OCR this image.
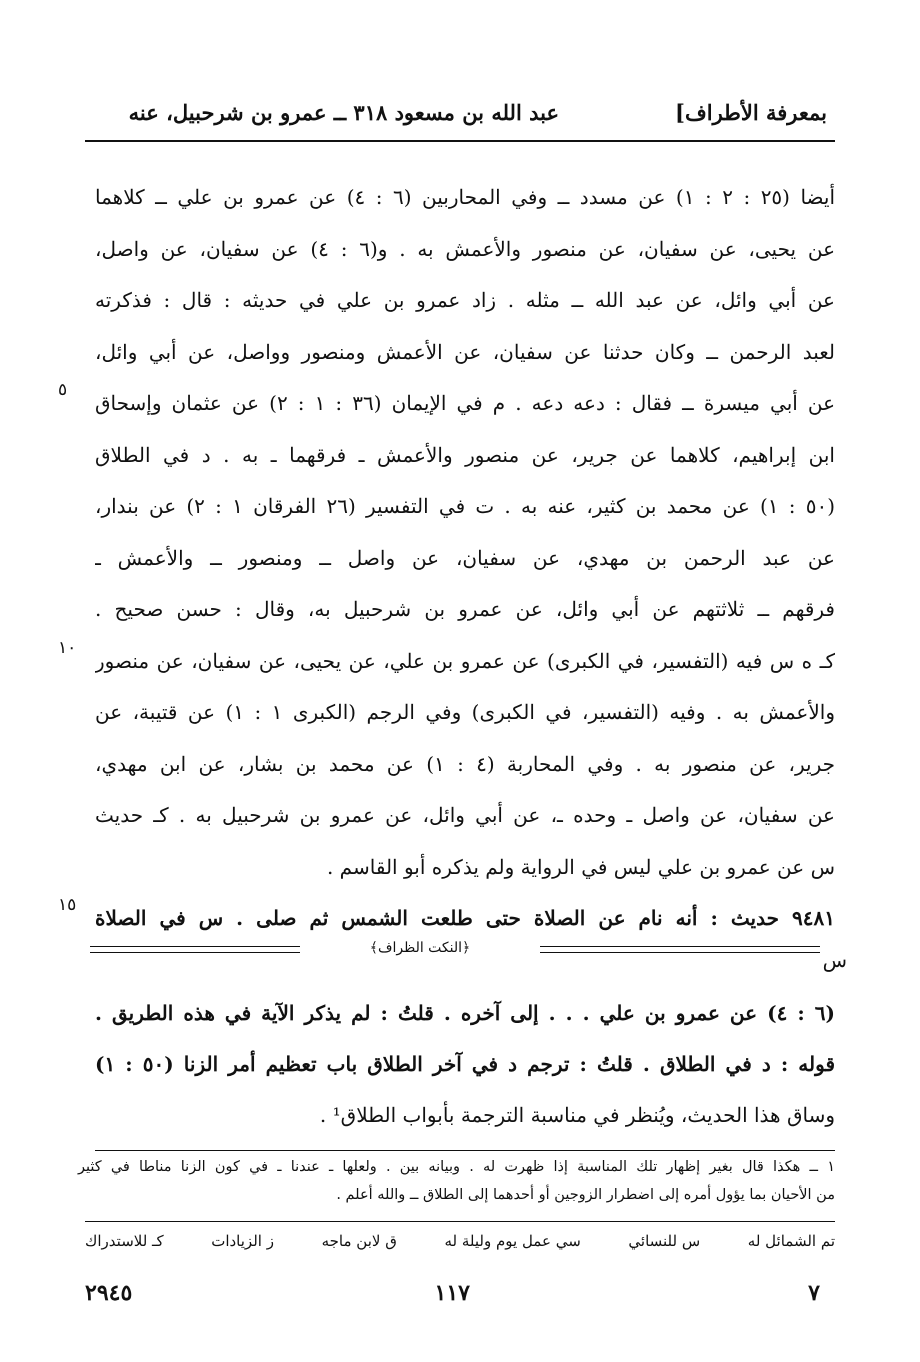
بمعرفة الأطراف]
عبد الله بن مسعود ٣١٨ ــ عمرو بن شرحبيل، عنه
أيضا (٢٥ : ٢ : ١) عن مسدد ــ وفي المحاربين (٦ : ٤) عن عمرو بن علي ــ كلاهما
عن يحيى، عن سفيان، عن منصور والأعمش به . و(٦ : ٤) عن سفيان، عن واصل،
عن أبي وائل، عن عبد الله ــ مثله . زاد عمرو بن علي في حديثه : قال : فذكرته
لعبد الرحمن ــ وكان حدثنا عن سفيان، عن الأعمش ومنصور وواصل، عن أبي وائل،
عن أبي ميسرة ــ فقال : دعه دعه . م في الإيمان (٣٦ : ١ : ٢) عن عثمان وإسحاق
ابن إبراهيم، كلاهما عن جرير، عن منصور والأعمش ـ فرقهما ـ به . د في الطلاق
(٥٠ : ١) عن محمد بن كثير، عنه به . ت في التفسير (٢٦ الفرقان ١ : ٢) عن بندار،
عن عبد الرحمن بن مهدي، عن سفيان، عن واصل ــ ومنصور ــ والأعمش ـ
فرقهم ــ ثلاثتهم عن أبي وائل، عن عمرو بن شرحبيل به، وقال : حسن صحيح .
كـ ه س فيه (التفسير، في الكبرى) عن عمرو بن علي، عن يحيى، عن سفيان، عن منصور
والأعمش به . وفيه (التفسير، في الكبرى) وفي الرجم (الكبرى ١ : ١) عن قتيبة، عن
جرير، عن منصور به . وفي المحاربة (٤ : ١) عن محمد بن بشار، عن ابن مهدي،
عن سفيان، عن واصل ـ وحده ـ، عن أبي وائل، عن عمرو بن شرحبيل به . كـ حديث
س عن عمرو بن علي ليس في الرواية ولم يذكره أبو القاسم .
٩٤٨١ حديث : أنه نام عن الصلاة حتى طلعت الشمس ثم صلى . س في الصلاة
س
٥
١٠
١٥
﴿النكت الظراف﴾
(٦ : ٤) عن عمرو بن علي . . . إلى آخره . قلتُ : لم يذكر الآية في هذه الطريق .
قوله : د في الطلاق . قلتُ : ترجم د في آخر الطلاق باب تعظيم أمر الزنا (٥٠ : ١)
وساق هذا الحديث، ويُنظر في مناسبة الترجمة بأبواب الطلاق¹ .
١ ــ هكذا قال بغير إظهار تلك المناسبة إذا ظهرت له . وبيانه بين . ولعلها ـ عندنا ـ في كون الزنا مناطا في كثير
من الأحيان بما يؤول أمره إلى اضطرار الزوجين أو أحدهما إلى الطلاق ــ والله أعلم .
تم الشمائل له
س للنسائي
سي عمل يوم وليلة له
ق لابن ماجه
ز الزيادات
كـ للاستدراك
٧
١١٧
٢٩٤٥
